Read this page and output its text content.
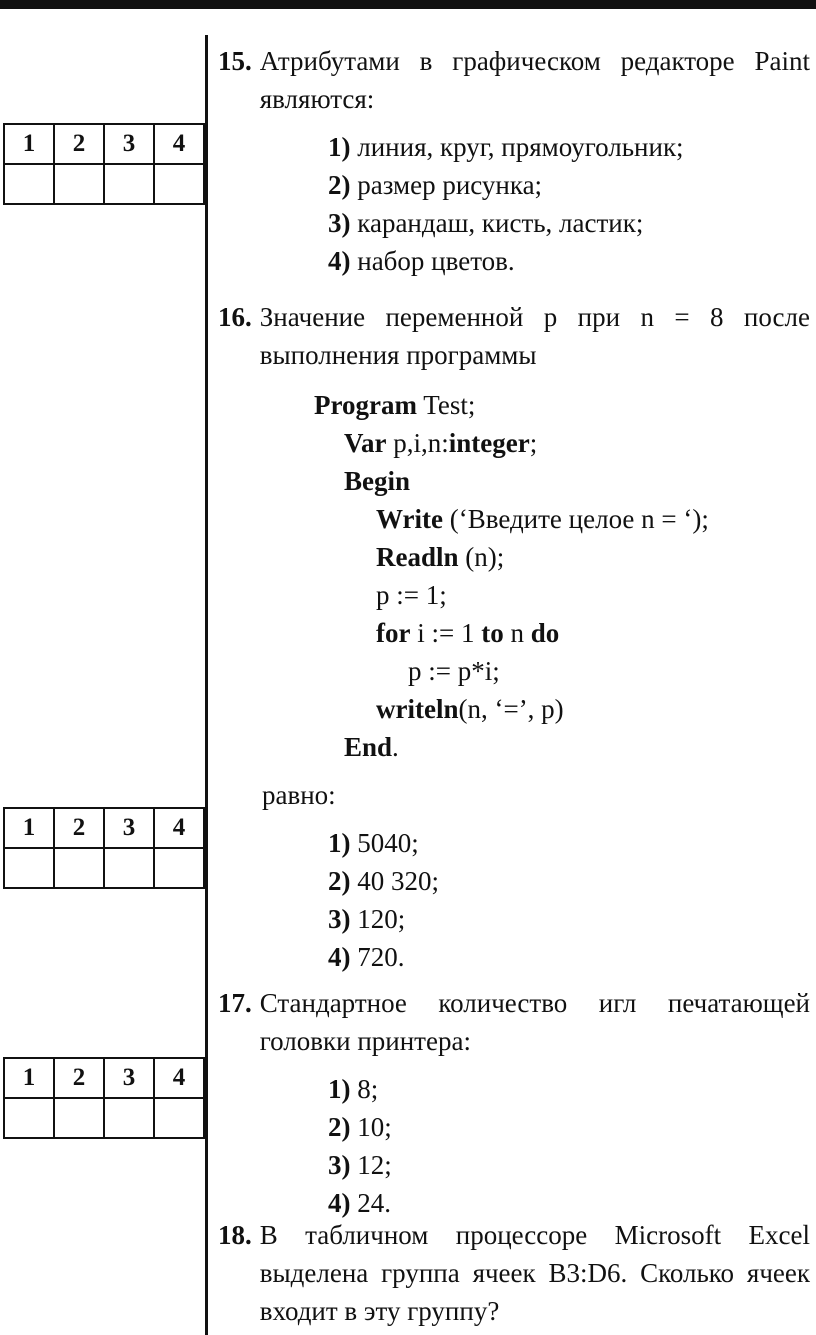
1	2	3	4

1	2	3	4

1	2	3	4

15. Атрибутами в графическом редакторе Paint являются:
1) линия, круг, прямоугольник;
2) размер рисунка;
3) карандаш, кисть, ластик;
4) набор цветов.
16. Значение переменной p при n = 8 после выполнения программы
Program Test;
Var p,i,n:integer;
Begin
Write (‘Введите целое n = ‘);
Readln (n);
p := 1;
for i := 1 to n do
p := p*i;
writeln(n, ‘=’, p)
End.
равно:
1) 5040;
2) 40 320;
3) 120;
4) 720.
17. Стандартное количество игл печатающей головки принтера:
1) 8;
2) 10;
3) 12;
4) 24.
18. В табличном процессоре Microsoft Excel выделена группа ячеек B3:D6. Сколько ячеек входит в эту группу?
